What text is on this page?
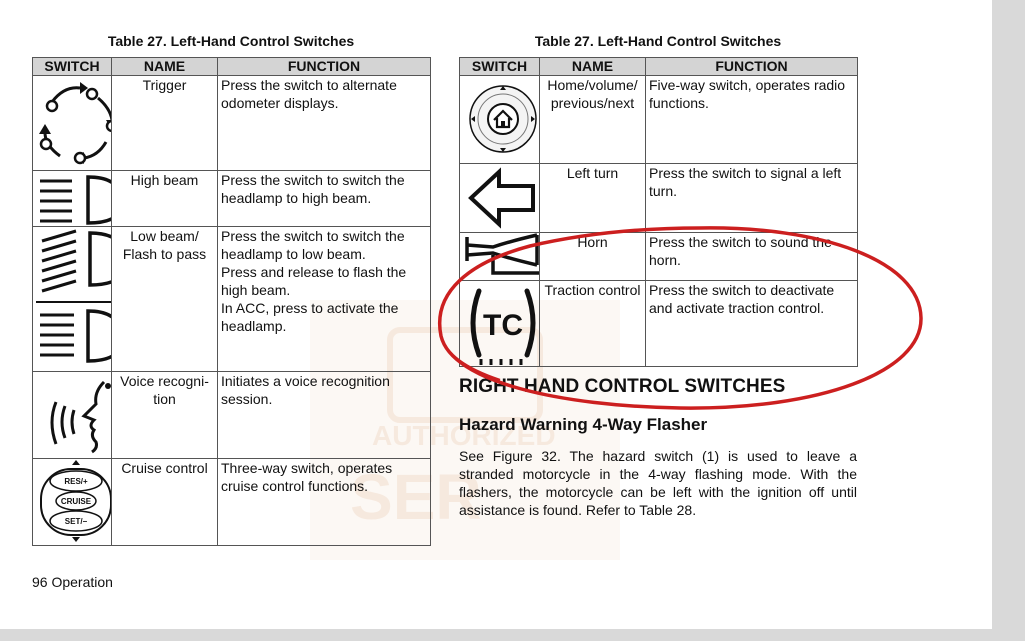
AUTHORIZED
SER
Table 27. Left-Hand Control Switches
SWITCH	NAME	FUNCTION

	Trigger	Press the switch to alternate odometer displays.

	High beam	Press the switch to switch the headlamp to high beam.

	Low beam/ Flash to pass	Press the switch to switch the headlamp to low beam.
Press and release to flash the high beam.
In ACC, press to activate the headlamp.

	Voice recogni-tion	Initiates a voice recognition session.

RES/+
CRUISE
SET/−	Cruise control	Three-way switch, operates cruise control functions.
Table 27. Left-Hand Control Switches
SWITCH	NAME	FUNCTION

	Home/volume/ previous/next	Five-way switch, operates radio functions.

	Left turn	Press the switch to signal a left turn.

	Horn	Press the switch to sound the horn.

TC	Traction control	Press the switch to deactivate and activate traction control.
RIGHT HAND CONTROL SWITCHES
Hazard Warning 4-Way Flasher
See Figure 32. The hazard switch (1) is used to leave a stranded motorcycle in the 4-way flashing mode. With the flashers, the motorcycle can be left with the ignition off until assistance is found. Refer to Table 28.
96 Operation
